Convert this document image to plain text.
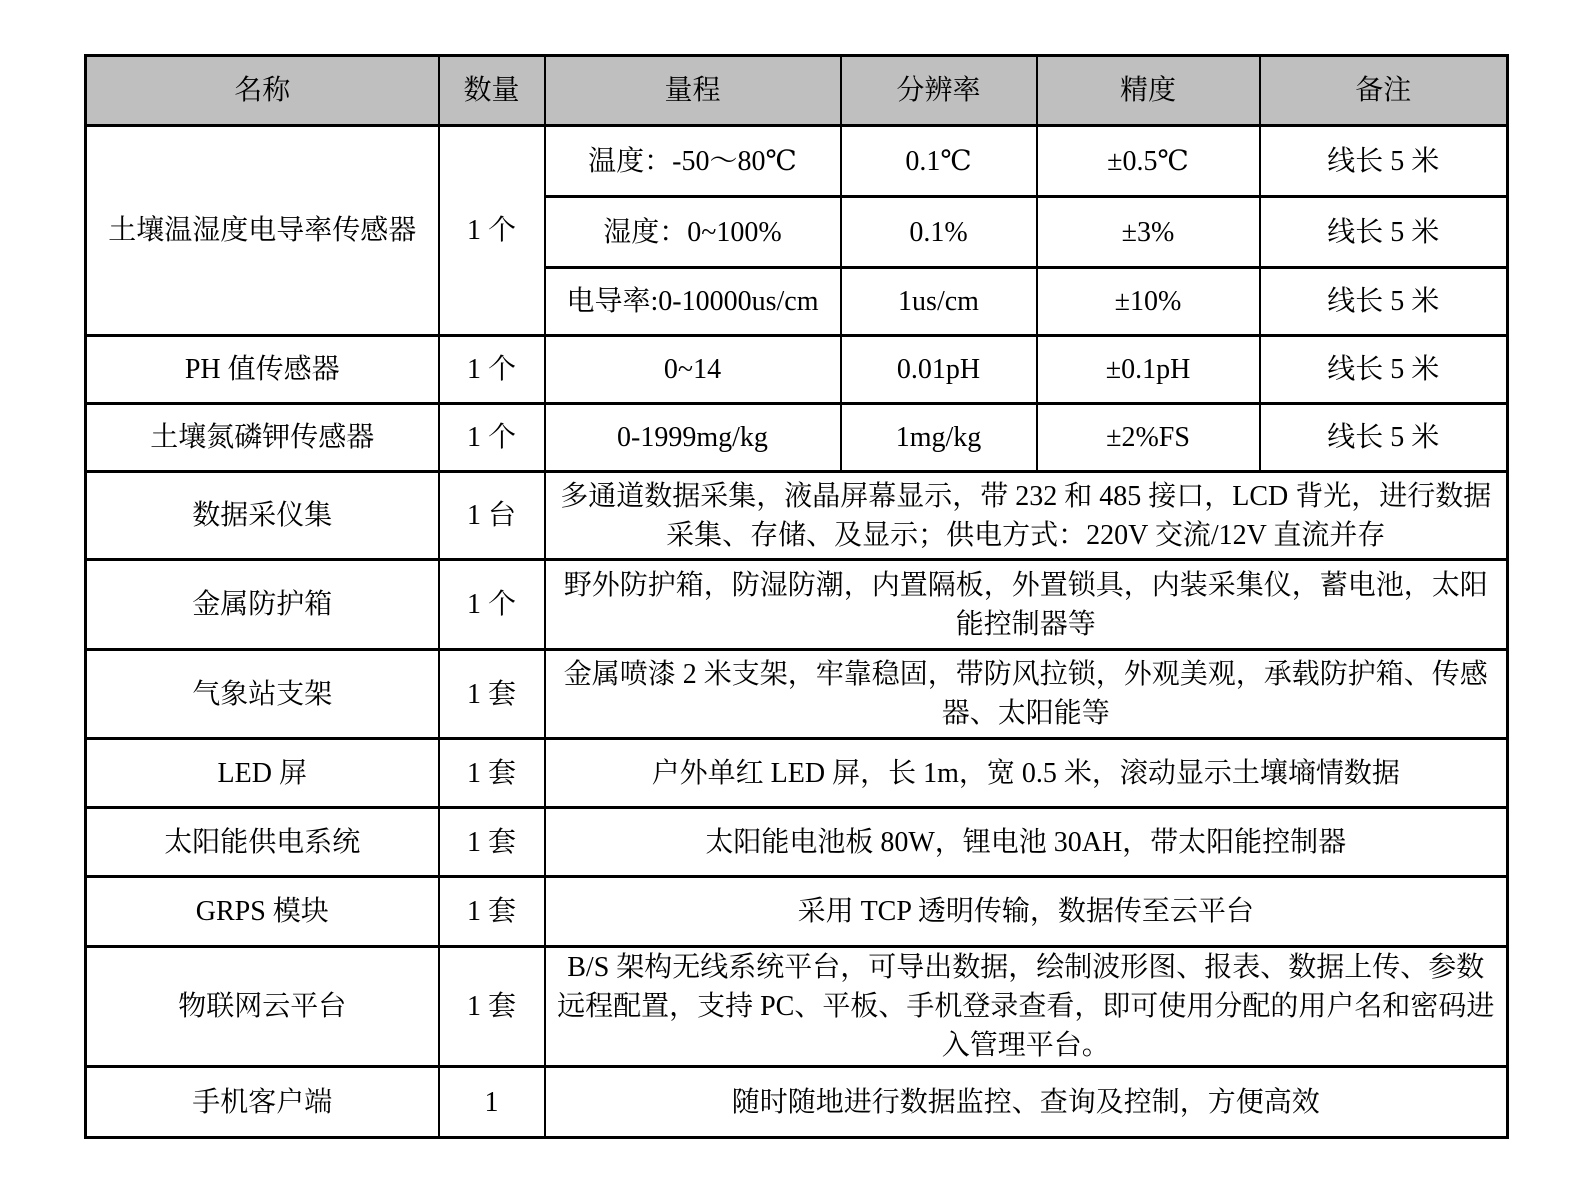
名称	数量	量程	分辨率	精度	备注
土壤温湿度电导率传感器	1 个	温度：-50～80℃	0.1℃	±0.5℃	线长 5 米
		湿度：0~100%	0.1%	±3%	线长 5 米
		电导率:0-10000us/cm	1us/cm	±10%	线长 5 米
PH 值传感器	1 个	0~14	0.01pH	±0.1pH	线长 5 米
土壤氮磷钾传感器	1 个	0-1999mg/kg	1mg/kg	±2%FS	线长 5 米
数据采仪集	1 台	多通道数据采集，液晶屏幕显示，带 232 和 485 接口，LCD 背光，进行数据采集、存储、及显示；供电方式：220V 交流/12V 直流并存			
金属防护箱	1 个	野外防护箱，防湿防潮，内置隔板，外置锁具，内装采集仪，蓄电池，太阳能控制器等			
气象站支架	1 套	金属喷漆 2 米支架，牢靠稳固，带防风拉锁，外观美观，承载防护箱、传感器、太阳能等			
LED 屏	1 套	户外单红 LED 屏，长 1m，宽 0.5 米，滚动显示土壤墒情数据			
太阳能供电系统	1 套	太阳能电池板 80W，锂电池 30AH，带太阳能控制器			
GRPS 模块	1 套	采用 TCP 透明传输，数据传至云平台			
物联网云平台	1 套	B/S 架构无线系统平台，可导出数据，绘制波形图、报表、数据上传、参数远程配置，支持 PC、平板、手机登录查看，即可使用分配的用户名和密码进入管理平台。			
手机客户端	1	随时随地进行数据监控、查询及控制，方便高效			
